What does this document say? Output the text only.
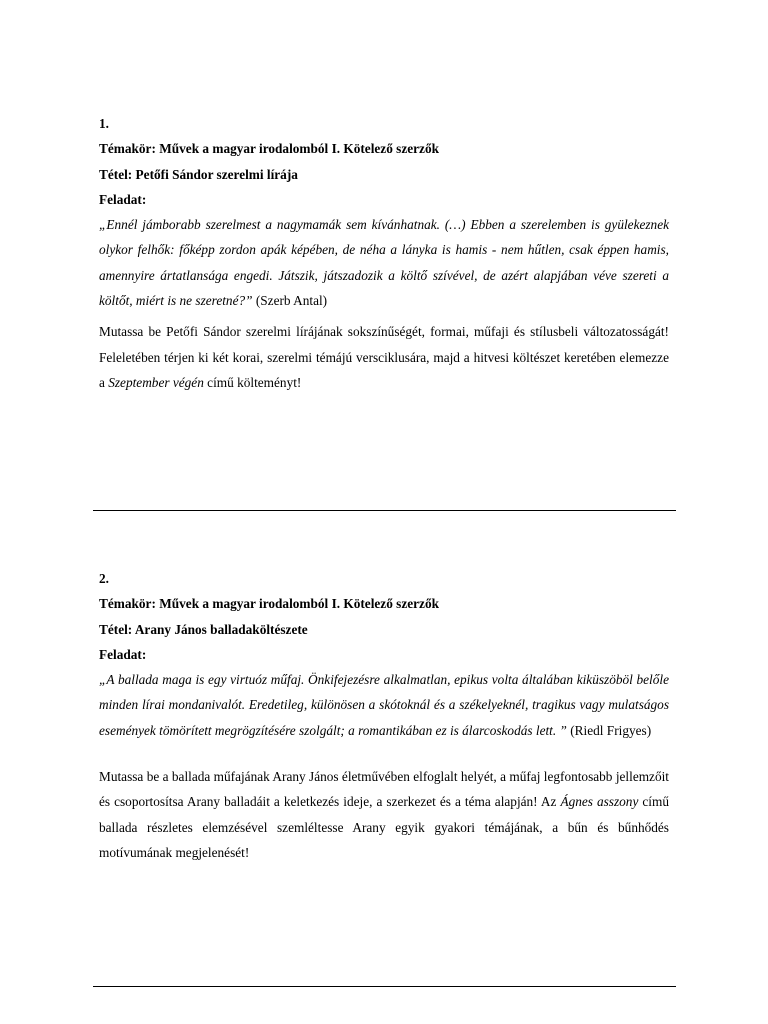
1.
Témakör: Művek a magyar irodalomból I. Kötelező szerzők
Tétel: Petőfi Sándor szerelmi lírája
Feladat:

„Ennél jámborabb szerelmest a nagymamák sem kívánhatnak. (…) Ebben a szerelemben is gyülekeznek olykor felhők: főképp zordon apák képében, de néha a lányka is hamis - nem hűtlen, csak éppen hamis, amennyire ártatlansága engedi. Játszik, játszadozik a költő szívével, de azért alapjában véve szereti a költőt, miért is ne szeretné?” (Szerb Antal)

Mutassa be Petőfi Sándor szerelmi lírájának sokszínűségét, formai, műfaji és stílusbeli változatosságát! Feleletében térjen ki két korai, szerelmi témájú versciklusára, majd a hitvesi költészet keretében elemezze a Szeptember végén című költeményt!

2.
Témakör: Művek a magyar irodalomból I. Kötelező szerzők
Tétel: Arany János balladaköltészete
Feladat:

„A ballada maga is egy virtuóz műfaj. Önkifejezésre alkalmatlan, epikus volta általában kiküszöböl belőle minden lírai mondanivalót. Eredetileg, különösen a skótoknál és a székelyeknél, tragikus vagy mulatságos események tömörített megrögzítésére szolgált; a romantikában ez is álarcoskodás lett. ” (Riedl Frigyes)

Mutassa be a ballada műfajának Arany János életművében elfoglalt helyét, a műfaj legfontosabb jellemzőit és csoportosítsa Arany balladáit a keletkezés ideje, a szerkezet és a téma alapján! Az Ágnes asszony című ballada részletes elemzésével szemléltesse Arany egyik gyakori témájának, a bűn és bűnhődés motívumának megjelenését!
